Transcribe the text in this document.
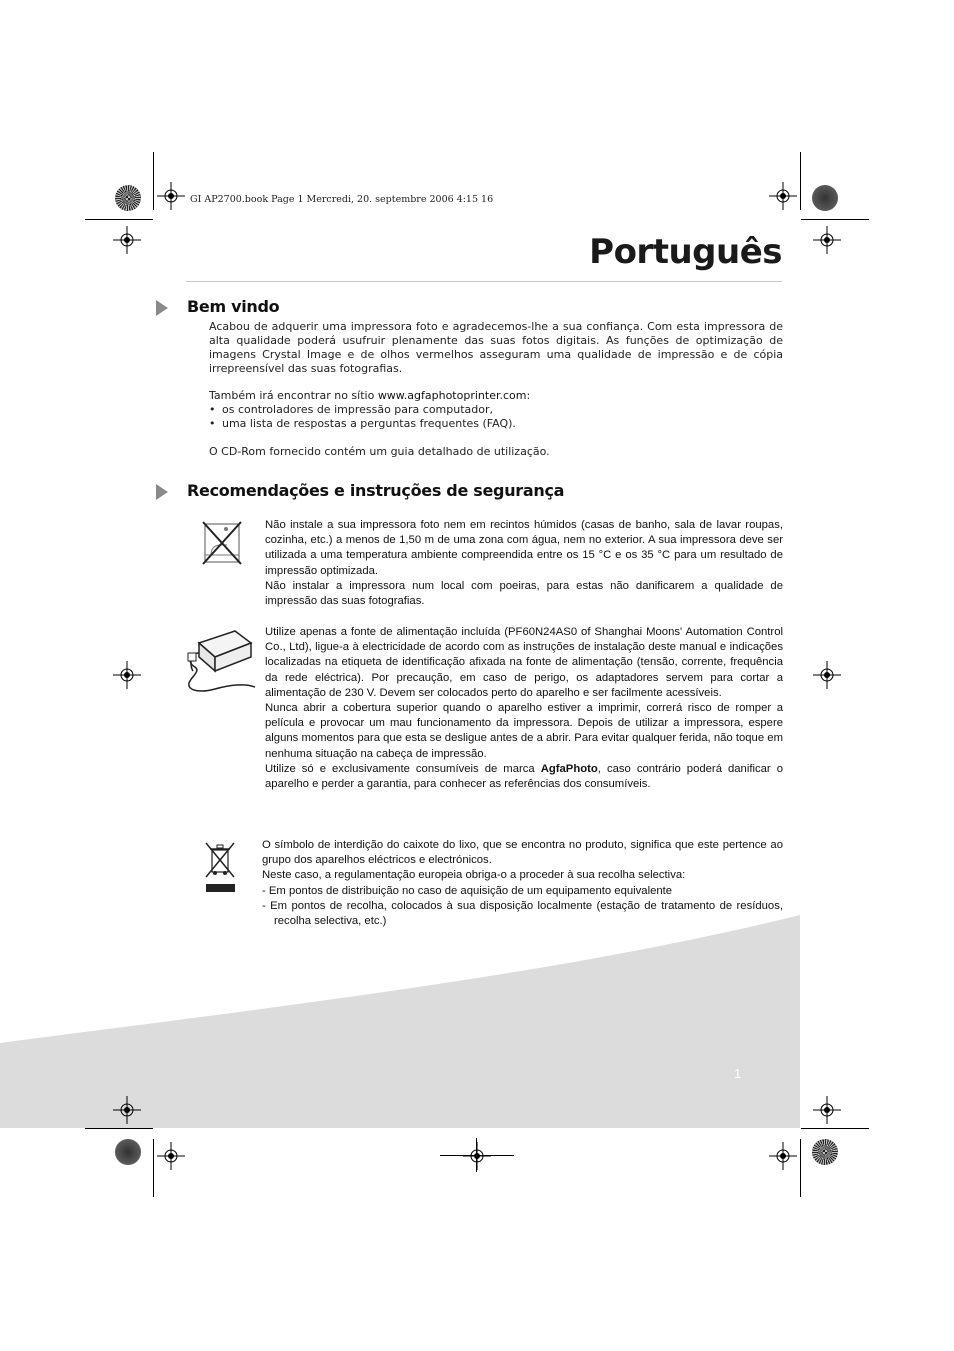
GI AP2700.book Page 1 Mercredi, 20. septembre 2006 4:15 16
Português
Bem vindo

Acabou de adquerir uma impressora foto e agradecemos-lhe a sua confiança. Com esta impressora de alta qualidade poderá usufruir plenamente das suas fotos digitais. As funções de optimização de imagens Crystal Image e de olhos vermelhos asseguram uma qualidade de impressão e de cópia irrepreensível das suas fotografias.

Também irá encontrar no sítio www.agfaphotoprinter.com:
• os controladores de impressão para computador,
• uma lista de respostas a perguntas frequentes (FAQ).

O CD-Rom fornecido contém um guia detalhado de utilização.

Recomendações e instruções de segurança
Não instale a sua impressora foto nem em recintos húmidos (casas de banho, sala de lavar roupas, cozinha, etc.) a menos de 1,50 m de uma zona com água, nem no exterior. A sua impressora deve ser utilizada a uma temperatura ambiente compreendida entre os 15 °C e os 35 °C para um resultado de impressão optimizada.
Não instalar a impressora num local com poeiras, para estas não danificarem a qualidade de impressão das suas fotografias.
Utilize apenas a fonte de alimentação incluída (PF60N24AS0 of Shanghai Moons' Automation Control Co., Ltd), ligue-a à electricidade de acordo com as instruções de instalação deste manual e indicações localizadas na etiqueta de identificação afixada na fonte de alimentação (tensão, corrente, frequência da rede eléctrica). Por precaução, em caso de perigo, os adaptadores servem para cortar a alimentação de 230 V. Devem ser colocados perto do aparelho e ser facilmente acessíveis.
Nunca abrir a cobertura superior quando o aparelho estiver a imprimir, correrá risco de romper a película e provocar um mau funcionamento da impressora. Depois de utilizar a impressora, espere alguns momentos para que esta se desligue antes de a abrir. Para evitar qualquer ferida, não toque em nenhuma situação na cabeça de impressão.
Utilize só e exclusivamente consumíveis de marca AgfaPhoto, caso contrário poderá danificar o aparelho e perder a garantia, para conhecer as referências dos consumíveis.
O símbolo de interdição do caixote do lixo, que se encontra no produto, significa que este pertence ao grupo dos aparelhos eléctricos e electrónicos.
Neste caso, a regulamentação europeia obriga-o a proceder à sua recolha selectiva:
- Em pontos de distribuição no caso de aquisição de um equipamento equivalente
- Em pontos de recolha, colocados à sua disposição localmente (estação de tratamento de resíduos, recolha selectiva, etc.)
1
